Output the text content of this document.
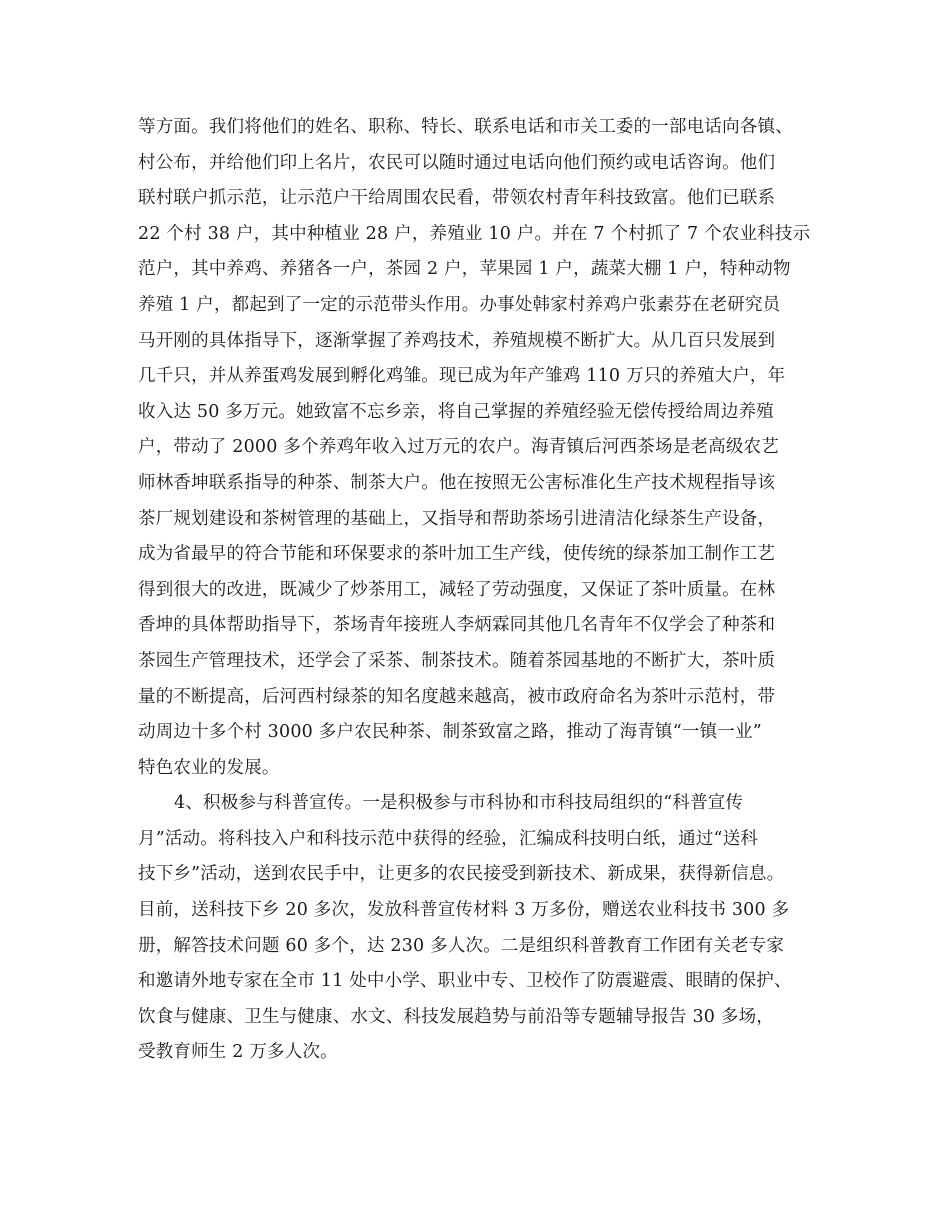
等方面。我们将他们的姓名、职称、特长、联系电话和市关工委的一部电话向各镇、
村公布，并给他们印上名片，农民可以随时通过电话向他们预约或电话咨询。他们
联村联户抓示范，让示范户干给周围农民看，带领农村青年科技致富。他们已联系
22 个村 38 户，其中种植业 28 户，养殖业 10 户。并在 7 个村抓了 7 个农业科技示
范户，其中养鸡、养猪各一户，茶园 2 户，苹果园 1 户，蔬菜大棚 1 户，特种动物
养殖 1 户，都起到了一定的示范带头作用。办事处韩家村养鸡户张素芬在老研究员
马开刚的具体指导下，逐渐掌握了养鸡技术，养殖规模不断扩大。从几百只发展到
几千只，并从养蛋鸡发展到孵化鸡雏。现已成为年产雏鸡 110 万只的养殖大户，年
收入达 50 多万元。她致富不忘乡亲，将自己掌握的养殖经验无偿传授给周边养殖
户，带动了 2000 多个养鸡年收入过万元的农户。海青镇后河西茶场是老高级农艺
师林香坤联系指导的种茶、制茶大户。他在按照无公害标准化生产技术规程指导该
茶厂规划建设和茶树管理的基础上，又指导和帮助茶场引进清洁化绿茶生产设备，
成为省最早的符合节能和环保要求的茶叶加工生产线，使传统的绿茶加工制作工艺
得到很大的改进，既减少了炒茶用工，减轻了劳动强度，又保证了茶叶质量。在林
香坤的具体帮助指导下，茶场青年接班人李炳霖同其他几名青年不仅学会了种茶和
茶园生产管理技术，还学会了采茶、制茶技术。随着茶园基地的不断扩大，茶叶质
量的不断提高，后河西村绿茶的知名度越来越高，被市政府命名为茶叶示范村，带
动周边十多个村 3000 多户农民种茶、制茶致富之路，推动了海青镇“一镇一业”
特色农业的发展。
4、积极参与科普宣传。一是积极参与市科协和市科技局组织的“科普宣传
月”活动。将科技入户和科技示范中获得的经验，汇编成科技明白纸，通过“送科
技下乡”活动，送到农民手中，让更多的农民接受到新技术、新成果，获得新信息。
目前，送科技下乡 20 多次，发放科普宣传材料 3 万多份，赠送农业科技书 300 多
册，解答技术问题 60 多个，达 230 多人次。二是组织科普教育工作团有关老专家
和邀请外地专家在全市 11 处中小学、职业中专、卫校作了防震避震、眼睛的保护、
饮食与健康、卫生与健康、水文、科技发展趋势与前沿等专题辅导报告 30 多场，
受教育师生 2 万多人次。
